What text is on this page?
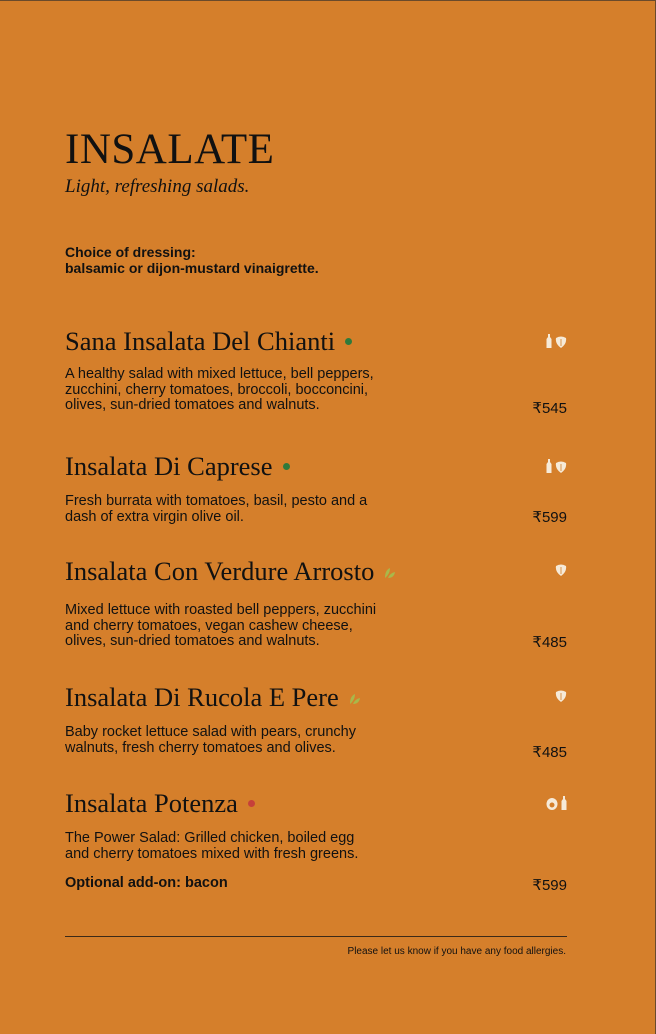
INSALATE
Light, refreshing salads.
Choice of dressing:
balsamic or dijon-mustard vinaigrette.
Sana Insalata Del Chianti
A healthy salad with mixed lettuce, bell peppers,
zucchini, cherry tomatoes, broccoli, bocconcini,
olives, sun-dried tomatoes and walnuts.	₹545
Insalata Di Caprese
Fresh burrata with tomatoes, basil, pesto and a
dash of extra virgin olive oil.	₹599
Insalata Con Verdure Arrosto
Mixed lettuce with roasted bell peppers, zucchini
and cherry tomatoes, vegan cashew cheese,
olives, sun-dried tomatoes and walnuts.	₹485
Insalata Di Rucola E Pere
Baby rocket lettuce salad with pears, crunchy
walnuts, fresh cherry tomatoes and olives.	₹485
Insalata Potenza
The Power Salad: Grilled chicken, boiled egg
and cherry tomatoes mixed with fresh greens.
Optional add-on: bacon	₹599
Please let us know if you have any food allergies.
